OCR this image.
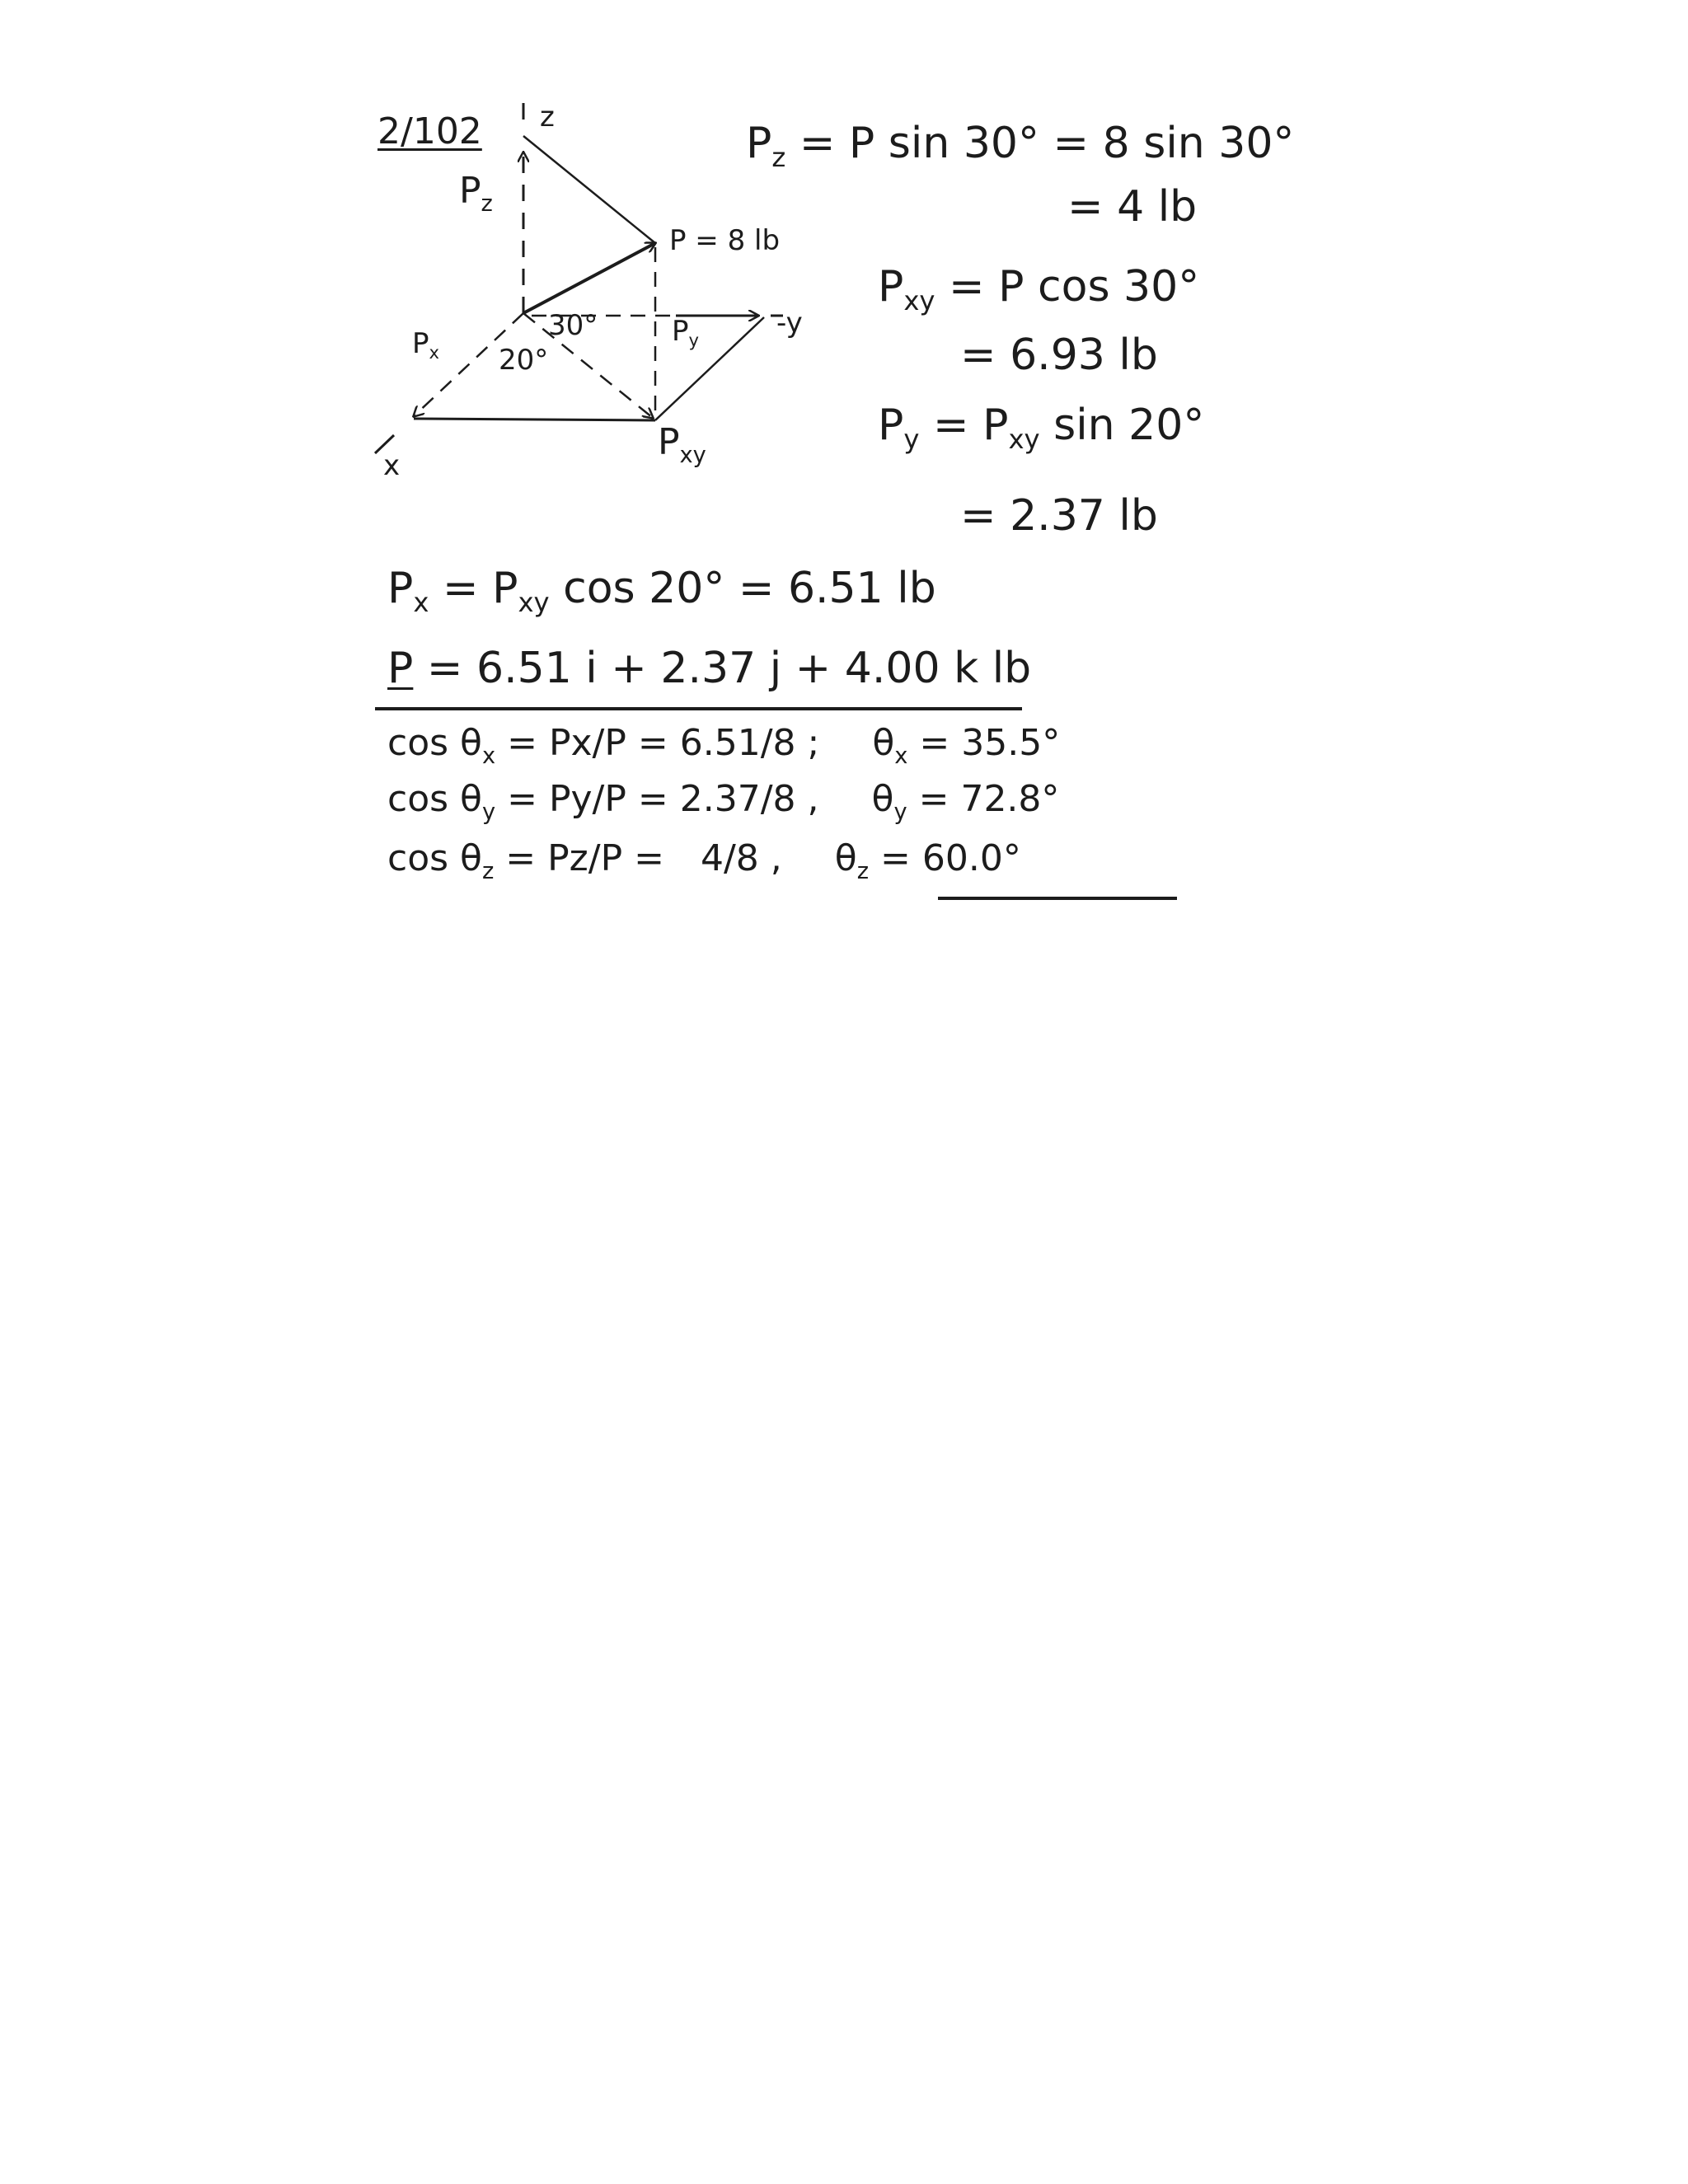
2/102 z
$P_z$
P = 8 lb
-y
$P_x$
30°
20°
$P_y$
$P_{xy}$
x
$P_z = P$ sin 30° = 8 sin 30°
= 4 lb
$P_{xy} = P$ cos 30°
= 6.93 lb
$P_y = P_{xy}$ sin 20°
= 2.37 lb
$P_x = P_{xy}$ cos 20° = 6.51 lb
P = 6.51 i + 2.37 j + 4.00 k lb
$\cos \theta_x = Px/P = 6.51/8$ ; $\theta_x = 35.5^\circ$
$\cos \theta_y = Py/P = 2.37/8$ , $\theta_y = 72.8^\circ$
$\cos \theta_z = Pz/P = 4/8$ , $\theta_z = 60.0^\circ$
